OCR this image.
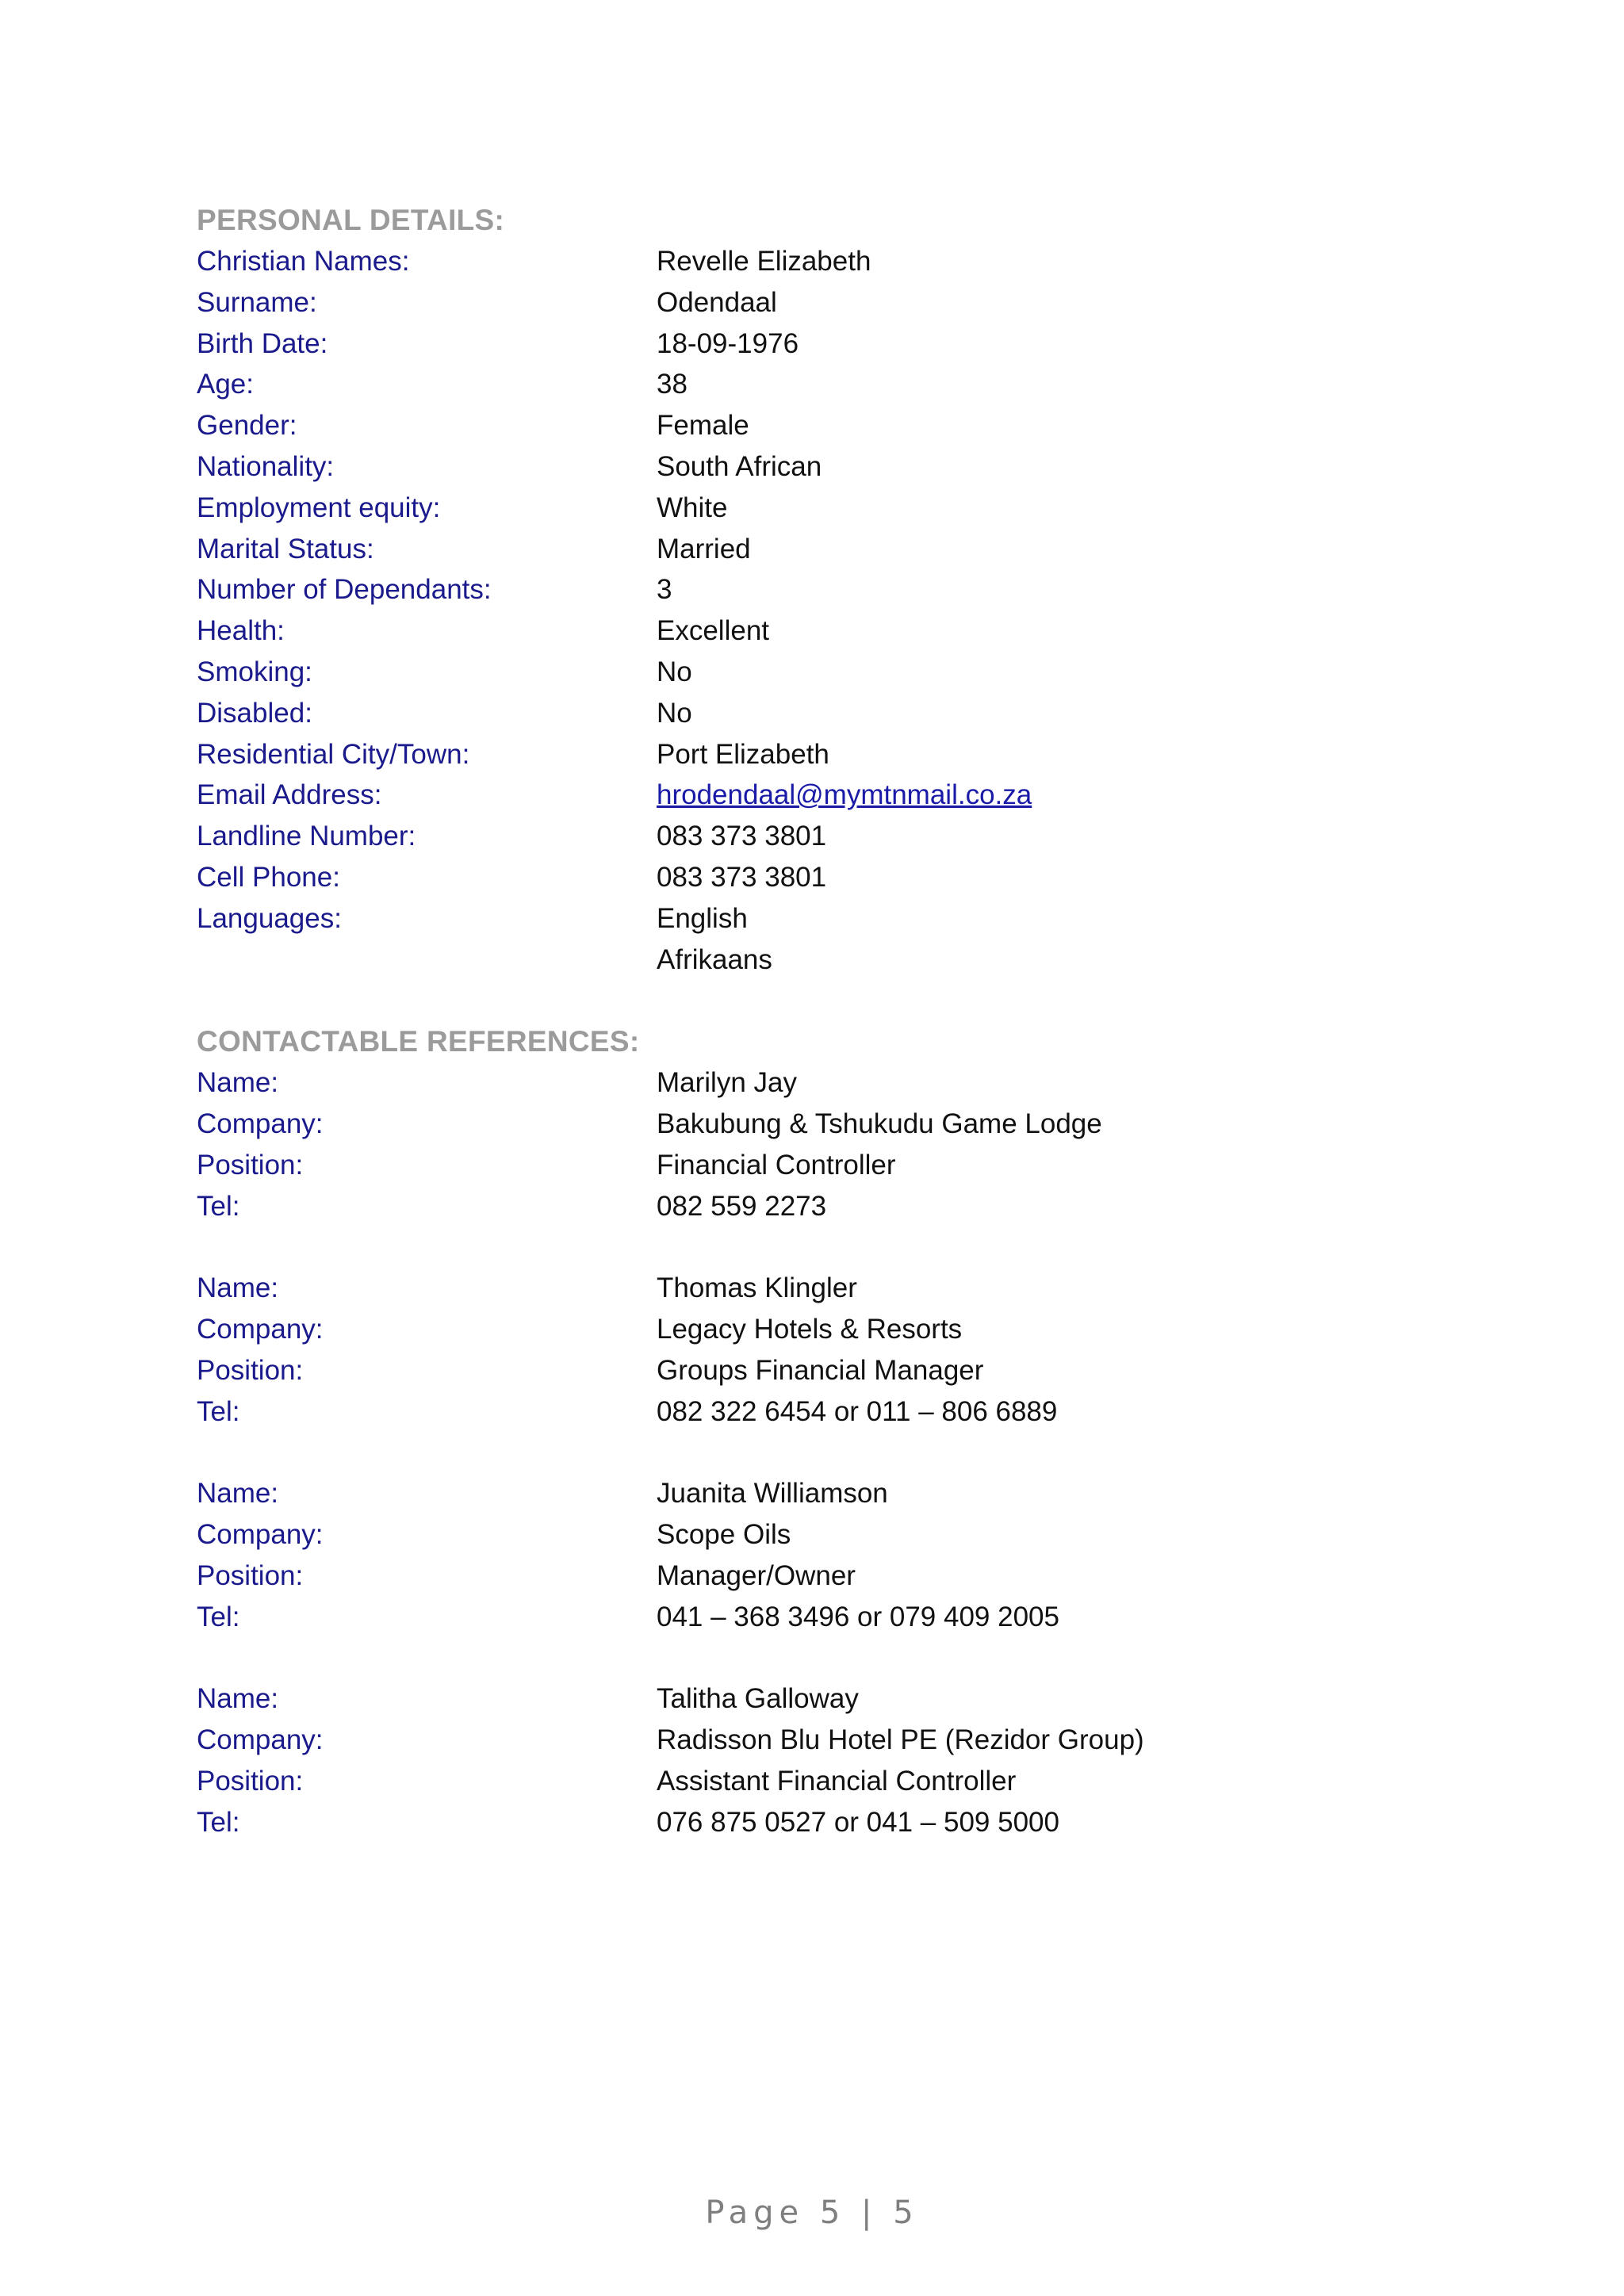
PERSONAL DETAILS:
Christian Names:	Revelle Elizabeth
Surname:	Odendaal
Birth Date:	18-09-1976
Age:	38
Gender:	Female
Nationality:	South African
Employment equity:	White
Marital Status:	Married
Number of Dependants:	3
Health:	Excellent
Smoking:	No
Disabled:	No
Residential City/Town:	Port Elizabeth
Email Address:	hrodendaal@mymtnmail.co.za
Landline Number:	083 373 3801
Cell Phone:	083 373 3801
Languages:	English
Afrikaans
CONTACTABLE REFERENCES:
Name:	Marilyn Jay
Company:	Bakubung & Tshukudu Game Lodge
Position:	Financial Controller
Tel:	082 559 2273
Name:	Thomas Klingler
Company:	Legacy Hotels & Resorts
Position:	Groups Financial Manager
Tel:	082 322 6454 or 011 – 806 6889
Name:	Juanita Williamson
Company:	Scope Oils
Position:	Manager/Owner
Tel:	041 – 368 3496 or 079 409 2005
Name:	Talitha Galloway
Company:	Radisson Blu Hotel PE (Rezidor Group)
Position:	Assistant Financial Controller
Tel:	076 875 0527 or 041 – 509 5000
Page 5 | 5
